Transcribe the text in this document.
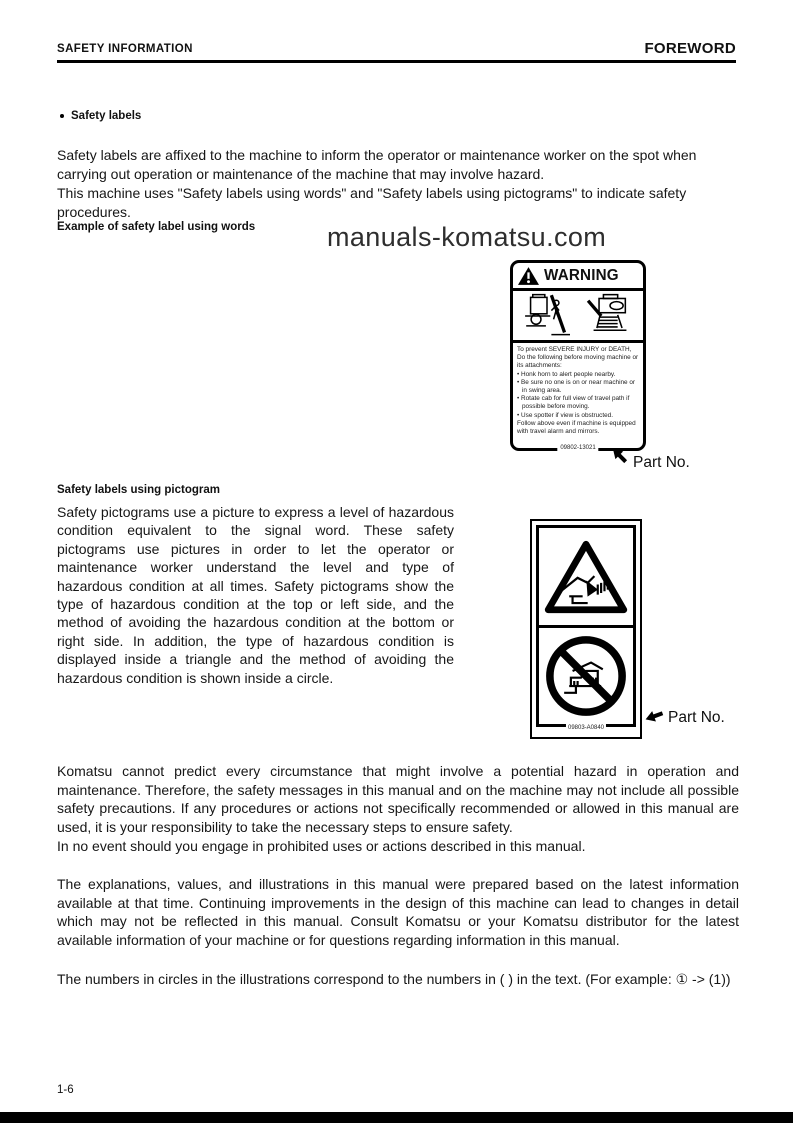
SAFETY INFORMATION	FOREWORD
Safety labels
Safety labels are affixed to the machine to inform the operator or maintenance worker on the spot when carrying out operation or maintenance of the machine that may involve hazard.
This machine uses "Safety labels using words" and "Safety labels using pictograms" to indicate safety procedures.
Example of safety label using words	manuals-komatsu.com
WARNING
To prevent SEVERE INJURY or DEATH, Do the following before moving machine or its attachments:
• Honk horn to alert people nearby.
• Be sure no one is on or near machine or in swing area.
• Rotate cab for full view of travel path if possible before moving.
• Use spotter if view is obstructed.
Follow above even if machine is equipped with travel alarm and mirrors.
09802-13021
Part No.
Safety labels using pictogram
Safety pictograms use a picture to express a level of hazardous condition equivalent to the signal word. These safety pictograms use pictures in order to let the operator or maintenance worker understand the level and type of hazardous condition at all times. Safety pictograms show the type of hazardous condition at the top or left side, and the method of avoiding the hazardous condition at the bottom or right side. In addition, the type of hazardous condition is displayed inside a triangle and the method of avoiding the hazardous condition is shown inside a circle.
09803-A0840
Part No.
Komatsu cannot predict every circumstance that might involve a potential hazard in operation and maintenance. Therefore, the safety messages in this manual and on the machine may not include all possible safety precautions. If any procedures or actions not specifically recommended or allowed in this manual are used, it is your responsibility to take the necessary steps to ensure safety.
In no event should you engage in prohibited uses or actions described in this manual.
The explanations, values, and illustrations in this manual were prepared based on the latest information available at that time. Continuing improvements in the design of this machine can lead to changes in detail which may not be reflected in this manual. Consult Komatsu or your Komatsu distributor for the latest available information of your machine or for questions regarding information in this manual.
The numbers in circles in the illustrations correspond to the numbers in ( ) in the text. (For example: ① -> (1))
1-6
